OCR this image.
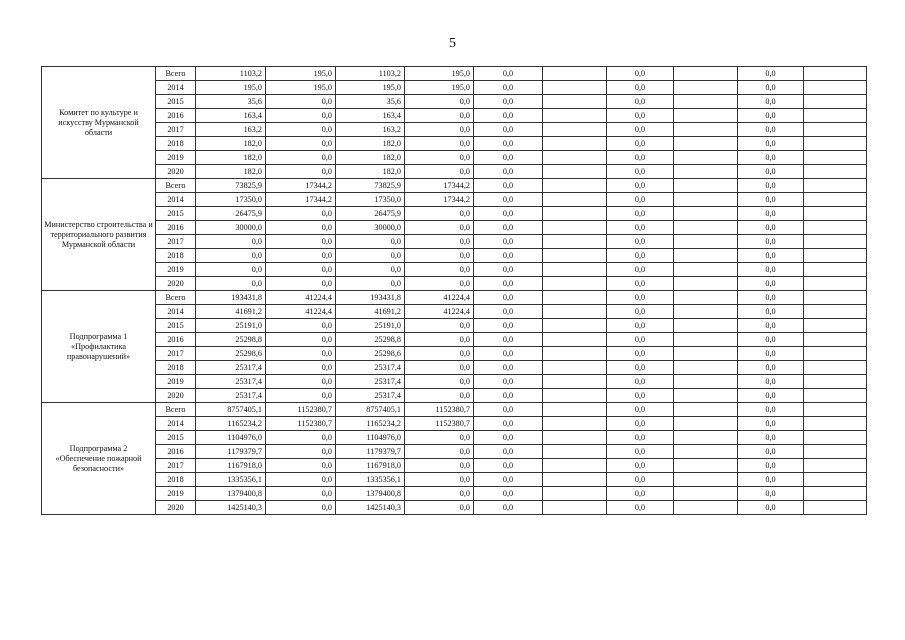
5
Комитет по культуре и искусству Мурманской области	Всего	1103,2	195,0	1103,2	195,0	0,0		0,0		0,0	
	2014	195,0	195,0	195,0	195,0	0,0		0,0		0,0	
	2015	35,6	0,0	35,6	0,0	0,0		0,0		0,0	
	2016	163,4	0,0	163,4	0,0	0,0		0,0		0,0	
	2017	163,2	0,0	163,2	0,0	0,0		0,0		0,0	
	2018	182,0	0,0	182,0	0,0	0,0		0,0		0,0	
	2019	182,0	0,0	182,0	0,0	0,0		0,0		0,0	
	2020	182,0	0,0	182,0	0,0	0,0		0,0		0,0	
Министерство строительства и территориального развития Мурманской области	Всего	73825,9	17344,2	73825,9	17344,2	0,0		0,0		0,0	
	2014	17350,0	17344,2	17350,0	17344,2	0,0		0,0		0,0	
	2015	26475,9	0,0	26475,9	0,0	0,0		0,0		0,0	
	2016	30000,0	0,0	30000,0	0,0	0,0		0,0		0,0	
	2017	0,0	0,0	0,0	0,0	0,0		0,0		0,0	
	2018	0,0	0,0	0,0	0,0	0,0		0,0		0,0	
	2019	0,0	0,0	0,0	0,0	0,0		0,0		0,0	
	2020	0,0	0,0	0,0	0,0	0,0		0,0		0,0	
Подпрограмма 1 «Профилактика правонарушений»	Всего	193431,8	41224,4	193431,8	41224,4	0,0		0,0		0,0	
	2014	41691,2	41224,4	41691,2	41224,4	0,0		0,0		0,0	
	2015	25191,0	0,0	25191,0	0,0	0,0		0,0		0,0	
	2016	25298,8	0,0	25298,8	0,0	0,0		0,0		0,0	
	2017	25298,6	0,0	25298,6	0,0	0,0		0,0		0,0	
	2018	25317,4	0,0	25317,4	0,0	0,0		0,0		0,0	
	2019	25317,4	0,0	25317,4	0,0	0,0		0,0		0,0	
	2020	25317,4	0,0	25317,4	0,0	0,0		0,0		0,0	
Подпрограмма 2 «Обеспечение пожарной безопасности»	Всего	8757405,1	1152380,7	8757405,1	1152380,7	0,0		0,0		0,0	
	2014	1165234,2	1152380,7	1165234,2	1152380,7	0,0		0,0		0,0	
	2015	1104976,0	0,0	1104976,0	0,0	0,0		0,0		0,0	
	2016	1179379,7	0,0	1179379,7	0,0	0,0		0,0		0,0	
	2017	1167918,0	0,0	1167918,0	0,0	0,0		0,0		0,0	
	2018	1335356,1	0,0	1335356,1	0,0	0,0		0,0		0,0	
	2019	1379400,8	0,0	1379400,8	0,0	0,0		0,0		0,0	
	2020	1425140,3	0,0	1425140,3	0,0	0,0		0,0		0,0	
